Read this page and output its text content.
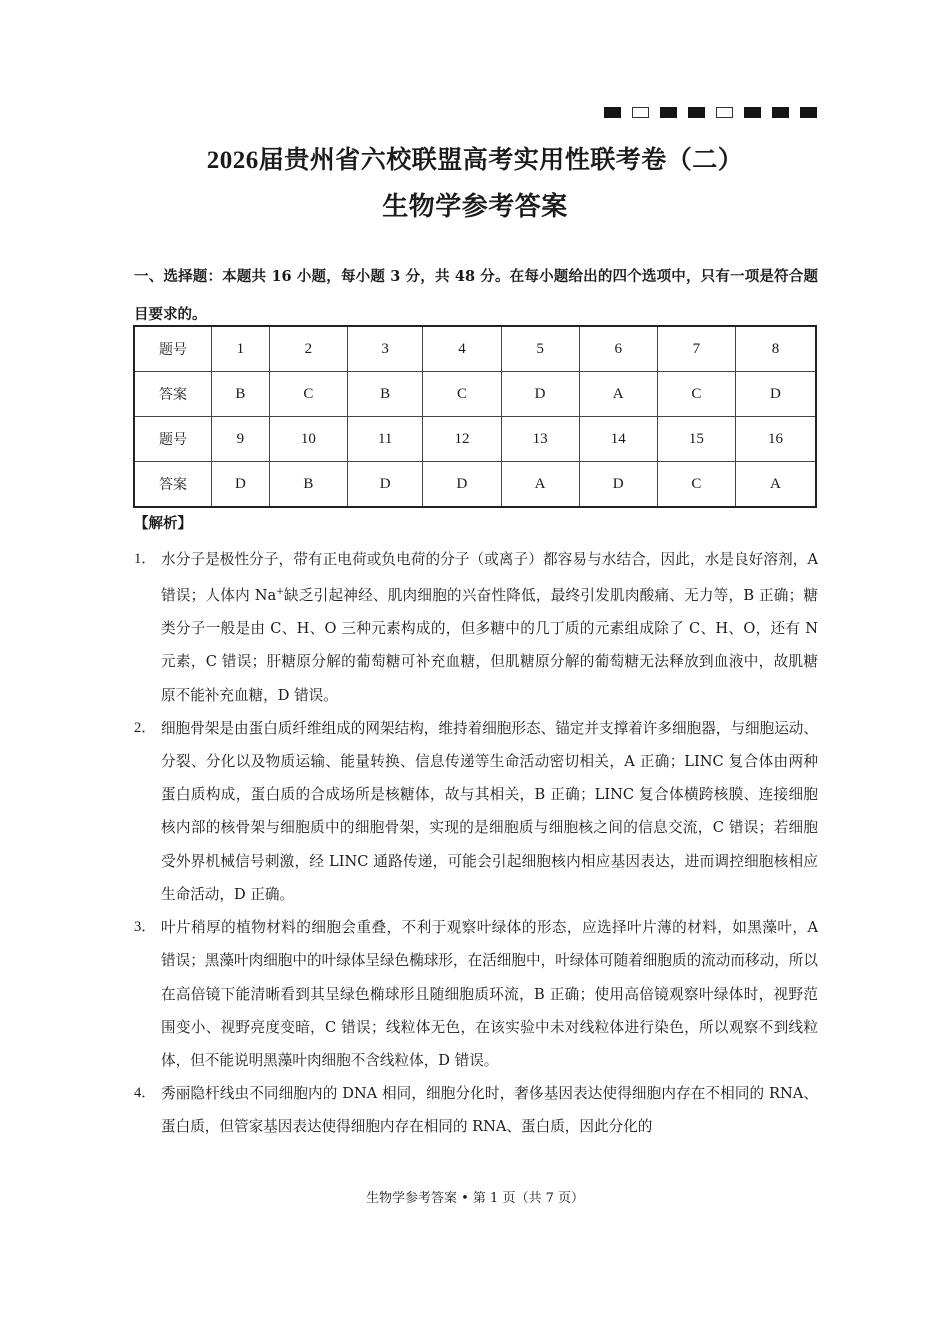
2026届贵州省六校联盟高考实用性联考卷（二）
生物学参考答案
一、选择题：本题共 16 小题，每小题 3 分，共 48 分。在每小题给出的四个选项中，只有一项是符合题目要求的。
题号	1	2	3	4	5	6	7	8
答案	B	C	B	C	D	A	C	D
题号	9	10	11	12	13	14	15	16
答案	D	B	D	D	A	D	C	A
【解析】
1． 水分子是极性分子，带有正电荷或负电荷的分子（或离子）都容易与水结合，因此，水是良好溶剂，A 错误；人体内 Na+缺乏引起神经、肌肉细胞的兴奋性降低，最终引发肌肉酸痛、无力等，B 正确；糖类分子一般是由 C、H、O 三种元素构成的，但多糖中的几丁质的元素组成除了 C、H、O，还有 N 元素，C 错误；肝糖原分解的葡萄糖可补充血糖，但肌糖原分解的葡萄糖无法释放到血液中，故肌糖原不能补充血糖，D 错误。
2． 细胞骨架是由蛋白质纤维组成的网架结构，维持着细胞形态、锚定并支撑着许多细胞器，与细胞运动、分裂、分化以及物质运输、能量转换、信息传递等生命活动密切相关，A 正确；LINC 复合体由两种蛋白质构成，蛋白质的合成场所是核糖体，故与其相关，B 正确；LINC 复合体横跨核膜、连接细胞核内部的核骨架与细胞质中的细胞骨架，实现的是细胞质与细胞核之间的信息交流，C 错误；若细胞受外界机械信号刺激，经 LINC 通路传递，可能会引起细胞核内相应基因表达，进而调控细胞核相应生命活动，D 正确。
3． 叶片稍厚的植物材料的细胞会重叠，不利于观察叶绿体的形态，应选择叶片薄的材料，如黑藻叶，A 错误；黑藻叶肉细胞中的叶绿体呈绿色椭球形，在活细胞中，叶绿体可随着细胞质的流动而移动，所以在高倍镜下能清晰看到其呈绿色椭球形且随细胞质环流，B 正确；使用高倍镜观察叶绿体时，视野范围变小、视野亮度变暗，C 错误；线粒体无色，在该实验中未对线粒体进行染色，所以观察不到线粒体，但不能说明黑藻叶肉细胞不含线粒体，D 错误。
4． 秀丽隐杆线虫不同细胞内的 DNA 相同，细胞分化时，奢侈基因表达使得细胞内存在不相同的 RNA、蛋白质，但管家基因表达使得细胞内存在相同的 RNA、蛋白质，因此分化的
生物学参考答案 • 第 1 页（共 7 页）
